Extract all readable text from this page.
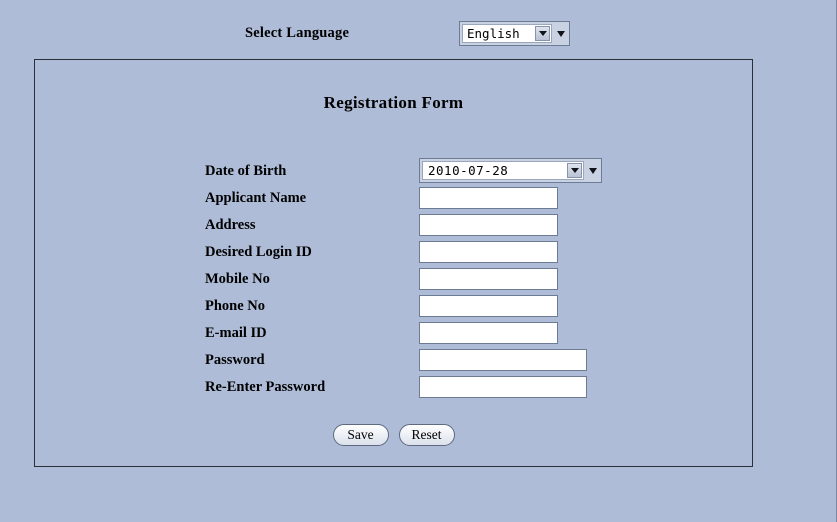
Select Language	English
Registration Form
Date of Birth	2010-07-28
Applicant Name
Address
Desired Login ID
Mobile No
Phone No
E-mail ID
Password
Re-Enter Password
Save	Reset
